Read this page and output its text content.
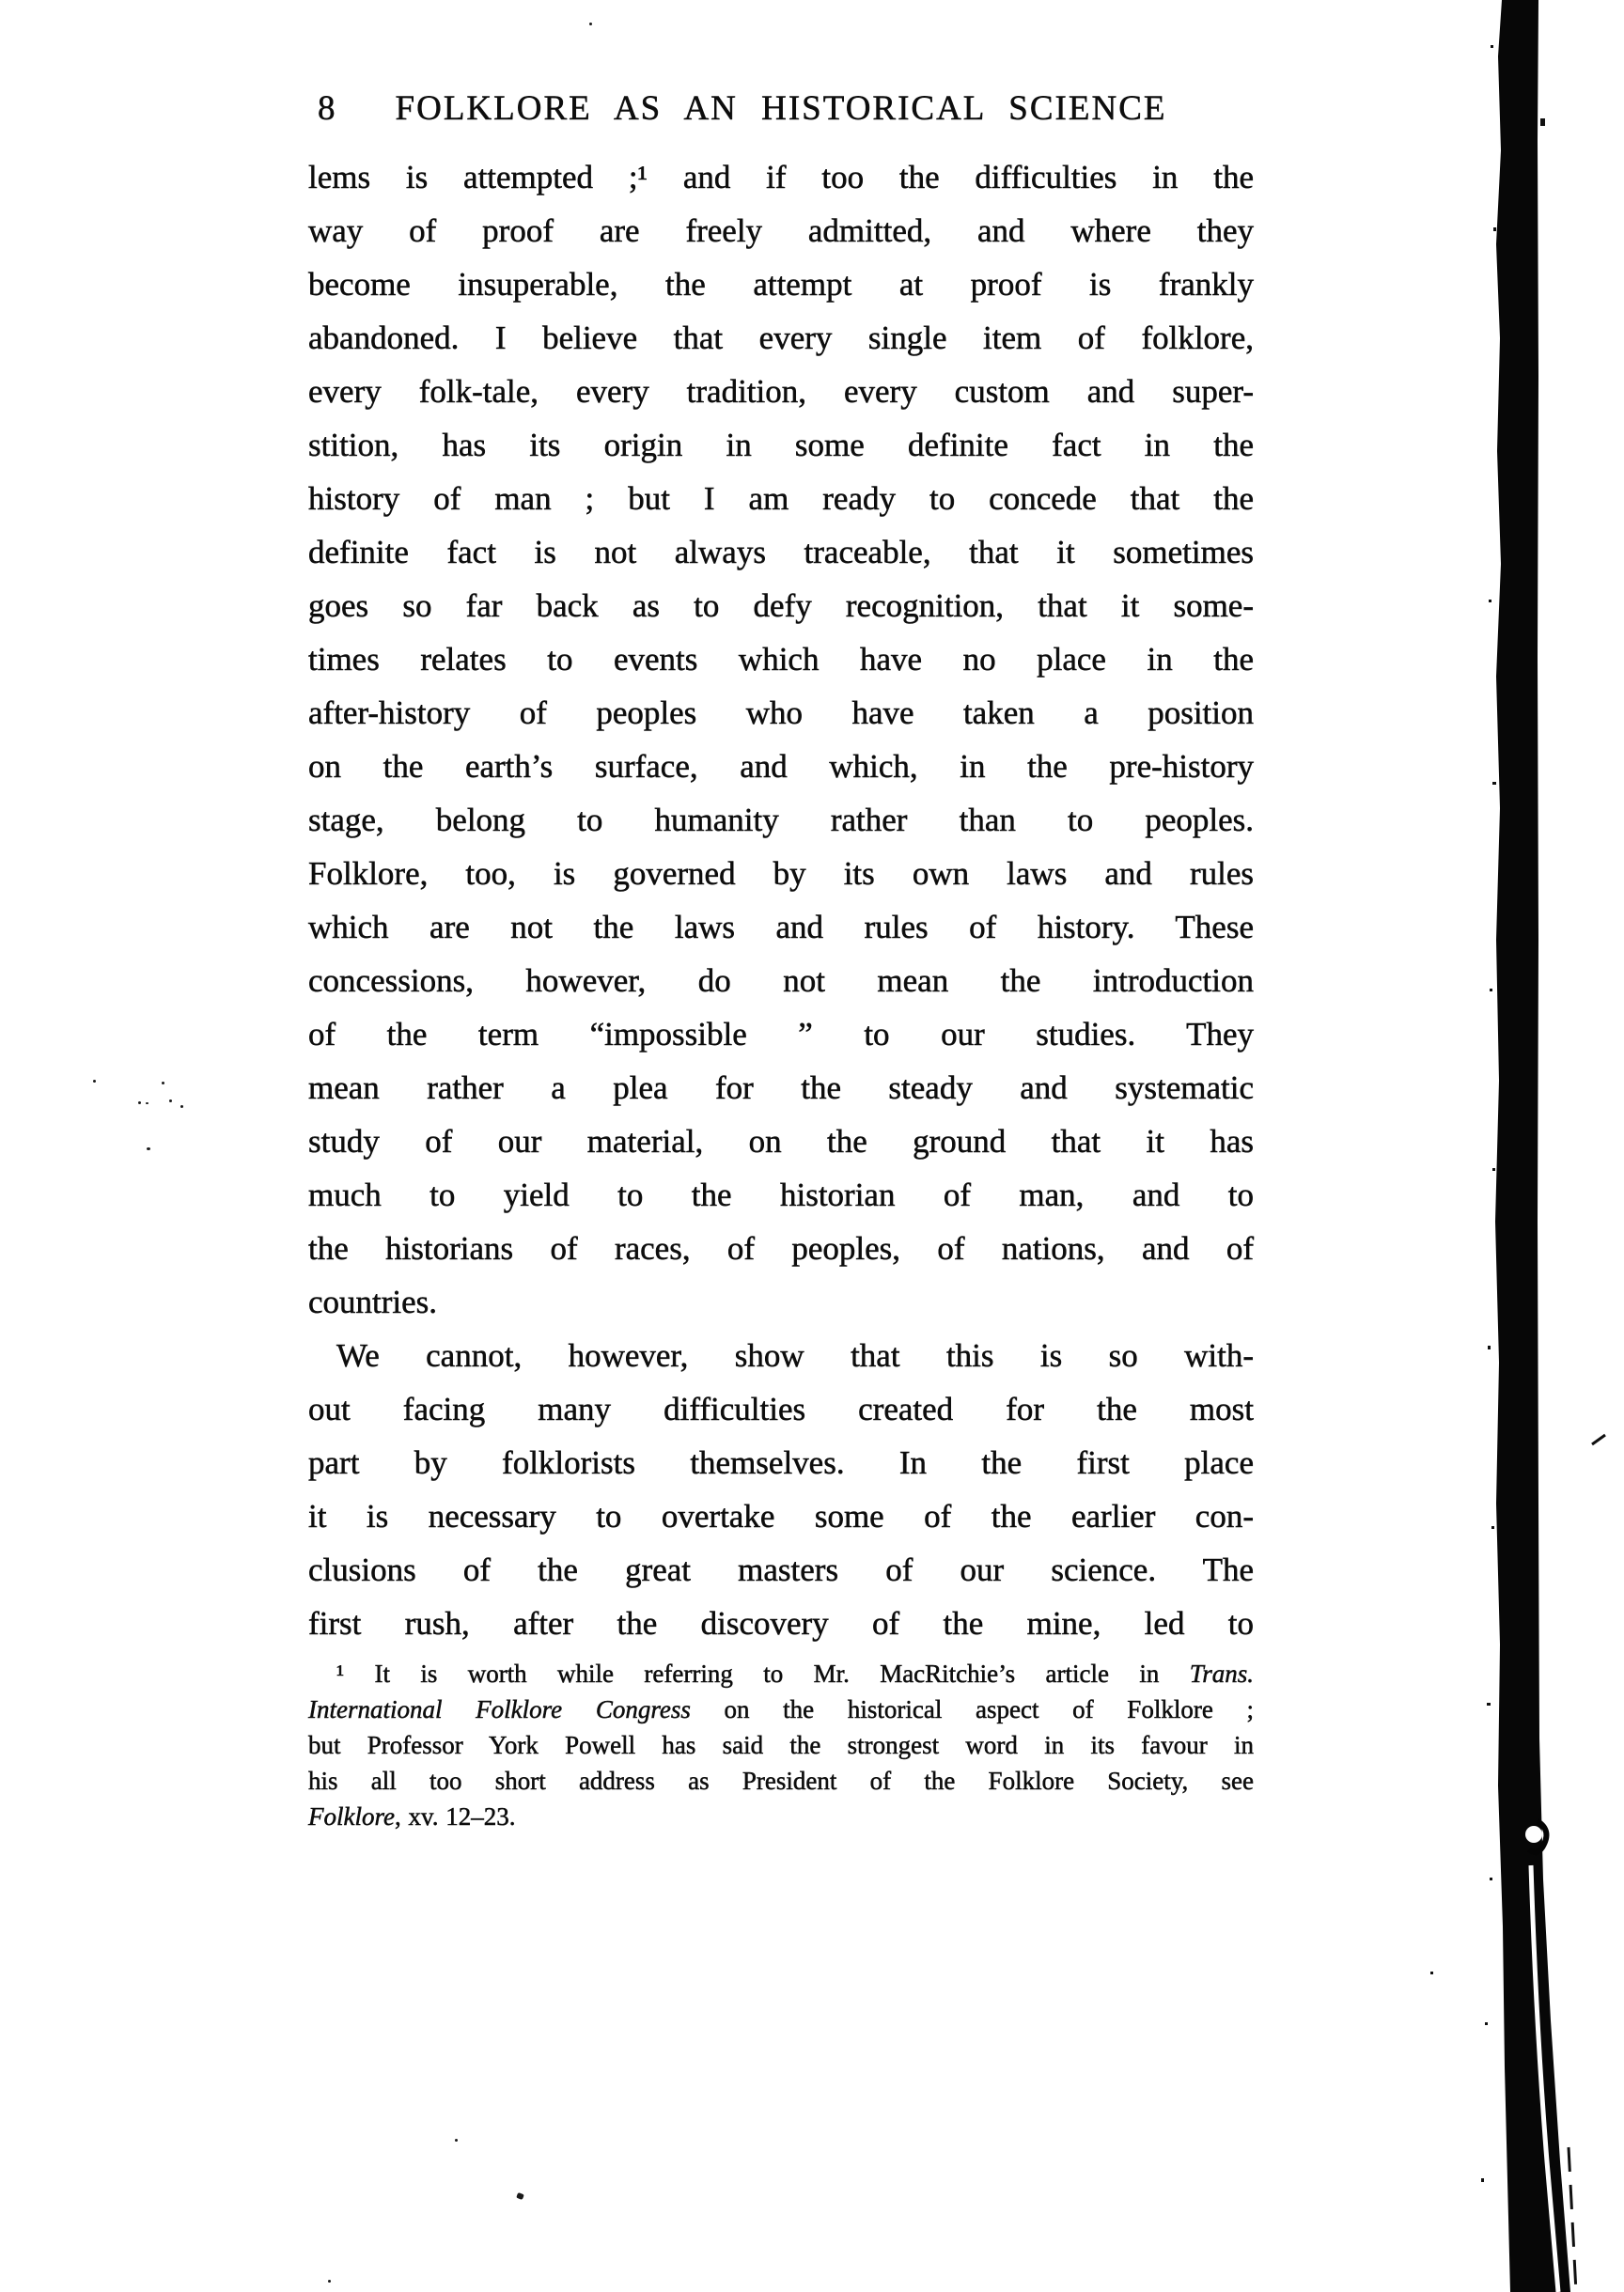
8 FOLKLORE AS AN HISTORICAL SCIENCE
lems is attempted ;¹ and if too the difficulties in the
way of proof are freely admitted, and where they
become insuperable, the attempt at proof is frankly
abandoned. I believe that every single item of folklore,
every folk-tale, every tradition, every custom and super-
stition, has its origin in some definite fact in the
history of man ; but I am ready to concede that the
definite fact is not always traceable, that it sometimes
goes so far back as to defy recognition, that it some-
times relates to events which have no place in the
after-history of peoples who have taken a position
on the earth’s surface, and which, in the pre-history
stage, belong to humanity rather than to peoples.
Folklore, too, is governed by its own laws and rules
which are not the laws and rules of history. These
concessions, however, do not mean the introduction
of the term “impossible ” to our studies. They
mean rather a plea for the steady and systematic
study of our material, on the ground that it has
much to yield to the historian of man, and to
the historians of races, of peoples, of nations, and of
countries.
We cannot, however, show that this is so with-
out facing many difficulties created for the most
part by folklorists themselves. In the first place
it is necessary to overtake some of the earlier con-
clusions of the great masters of our science. The
first rush, after the discovery of the mine, led to
¹ It is worth while referring to Mr. MacRitchie’s article in Trans.
International Folklore Congress on the historical aspect of Folklore ;
but Professor York Powell has said the strongest word in its favour in
his all too short address as President of the Folklore Society, see
Folklore, xv. 12–23.
